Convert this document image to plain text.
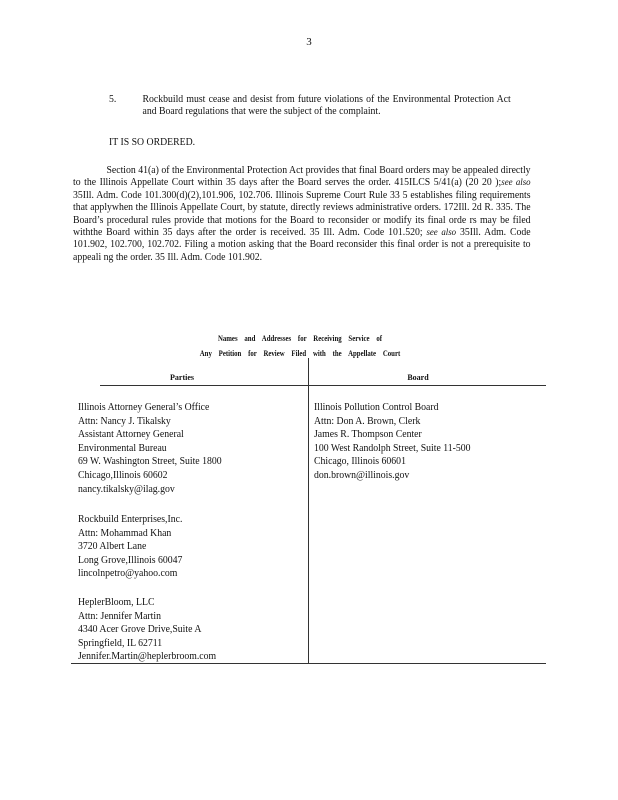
3
5. Rockbuild must cease and desist from future violations of the Environmental Protection Act and Board regulations that were the subject of the complaint.
IT IS SO ORDERED.
Section 41(a) of the Environmental Protection Act provides that final Board orders may be appealed directly to the Illinois Appellate Court within 35 days after the Board serves the order. 415ILCS 5/41(a) (20 20 );see also 35Ill. Adm. Code 101.300(d)(2),101.906, 102.706. Illinois Supreme Court Rule 33 5 establishes filing requirements that applywhen the Illinois Appellate Court, by statute, directly reviews administrative orders. 172Ill. 2d R. 335. The Board’s procedural rules provide that motions for the Board to reconsider or modify its final orde rs may be filed withthe Board within 35 days after the order is received. 35 Ill. Adm. Code 101.520; see also 35Ill. Adm. Code 101.902, 102.700, 102.702. Filing a motion asking that the Board reconsider this final order is not a prerequisite to appeali ng the order. 35 Ill. Adm. Code 101.902.
Names and Addresses for Receiving Service of
Any Petition for Review Filed with the Appellate Court
Parties	Board
Illinois Attorney General’s Office
Attn: Nancy J. Tikalsky
Assistant Attorney General
Environmental Bureau
69 W. Washington Street, Suite 1800
Chicago,Illinois 60602
nancy.tikalsky@ilag.gov
Rockbuild Enterprises,Inc.
Attn: Mohammad Khan
3720 Albert Lane
Long Grove,Illinois 60047
lincolnpetro@yahoo.com
HeplerBloom, LLC
Attn: Jennifer Martin
4340 Acer Grove Drive,Suite A
Springfield, IL 62711
Jennifer.Martin@heplerbroom.com
Illinois Pollution Control Board
Attn: Don A. Brown, Clerk
James R. Thompson Center
100 West Randolph Street, Suite 11-500
Chicago, Illinois 60601
don.brown@illinois.gov
